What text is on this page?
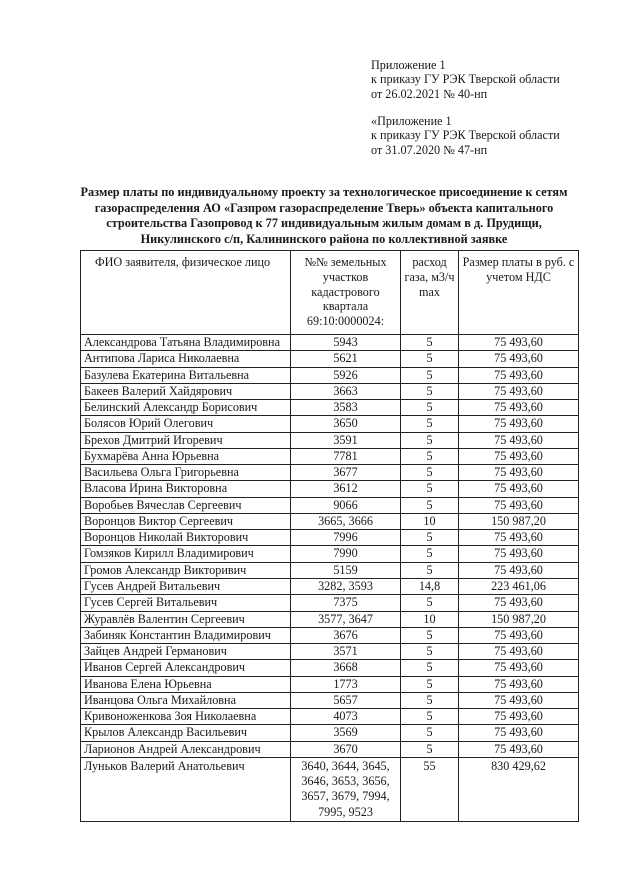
Приложение 1
к приказу ГУ РЭК Тверской области
от 26.02.2021 № 40-нп
«Приложение 1
к приказу ГУ РЭК Тверской области
от 31.07.2020 № 47-нп
Размер платы по индивидуальному проекту за технологическое присоединение к сетям газораспределения АО «Газпром газораспределение Тверь» объекта капитального строительства Газопровод к 77 индивидуальным жилым домам в д. Прудищи, Никулинского с/п, Калининского района по коллективной заявке
ФИО заявителя, физическое лицо	№№ земельных участков кадастрового квартала 69:10:0000024:	расход газа, м3/ч max	Размер платы в руб. с учетом НДС
Александрова Татьяна Владимировна	5943	5	75 493,60
Антипова Лариса Николаевна	5621	5	75 493,60
Базулева Екатерина Витальевна	5926	5	75 493,60
Бакеев Валерий Хайдярович	3663	5	75 493,60
Белинский Александр Борисович	3583	5	75 493,60
Болясов Юрий Олегович	3650	5	75 493,60
Брехов Дмитрий Игоревич	3591	5	75 493,60
Бухмарёва Анна Юрьевна	7781	5	75 493,60
Васильева Ольга Григорьевна	3677	5	75 493,60
Власова Ирина Викторовна	3612	5	75 493,60
Воробьев Вячеслав Сергеевич	9066	5	75 493,60
Воронцов Виктор Сергеевич	3665, 3666	10	150 987,20
Воронцов Николай Викторович	7996	5	75 493,60
Гомзяков Кирилл Владимирович	7990	5	75 493,60
Громов Александр Викторивич	5159	5	75 493,60
Гусев Андрей Витальевич	3282, 3593	14,8	223 461,06
Гусев Сергей Витальевич	7375	5	75 493,60
Журавлёв Валентин Сергеевич	3577, 3647	10	150 987,20
Забиняк Константин Владимирович	3676	5	75 493,60
Зайцев Андрей Германович	3571	5	75 493,60
Иванов Сергей Александрович	3668	5	75 493,60
Иванова Елена Юрьевна	1773	5	75 493,60
Иванцова Ольга Михайловна	5657	5	75 493,60
Кривоноженкова Зоя Николаевна	4073	5	75 493,60
Крылов Александр Васильевич	3569	5	75 493,60
Ларионов Андрей Александрович	3670	5	75 493,60
Луньков Валерий Анатольевич	3640, 3644, 3645, 3646, 3653, 3656, 3657, 3679, 7994, 7995, 9523	55	830 429,62
